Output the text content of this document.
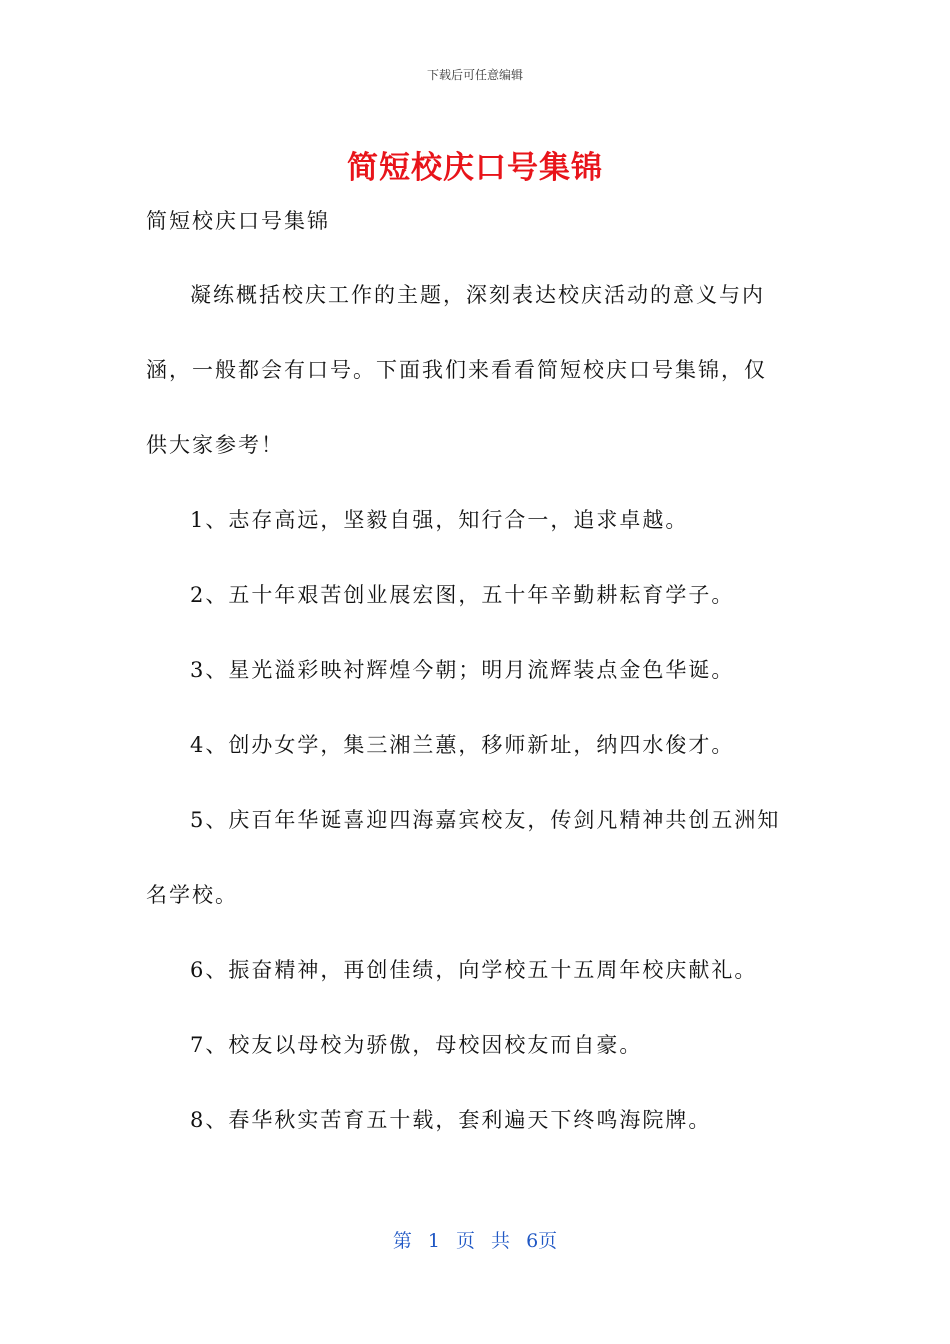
下载后可任意编辑
简短校庆口号集锦
简短校庆口号集锦
凝练概括校庆工作的主题，深刻表达校庆活动的意义与内
涵，一般都会有口号。下面我们来看看简短校庆口号集锦，仅
供大家参考！
1、志存高远，坚毅自强，知行合一，追求卓越。
2、五十年艰苦创业展宏图，五十年辛勤耕耘育学子。
3、星光溢彩映衬辉煌今朝；明月流辉装点金色华诞。
4、创办女学，集三湘兰蕙，移师新址，纳四水俊才。
5、庆百年华诞喜迎四海嘉宾校友，传剑凡精神共创五洲知
名学校。
6、振奋精神，再创佳绩，向学校五十五周年校庆献礼。
7、校友以母校为骄傲，母校因校友而自豪。
8、春华秋实苦育五十载，套利遍天下终鸣海院牌。
第 1 页 共 6页
